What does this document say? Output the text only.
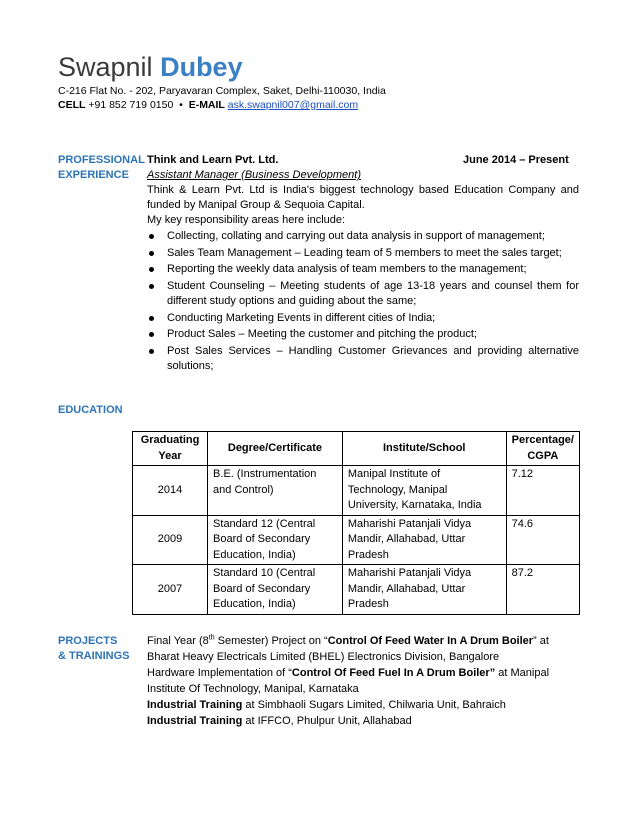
Swapnil Dubey
C-216 Flat No. - 202, Paryavaran Complex, Saket, Delhi-110030, India
CELL +91 852 719 0150 • E-MAIL ask.swapnil007@gmail.com
PROFESSIONAL
EXPERIENCE
Think and Learn Pvt. Ltd.	June 2014 – Present
Assistant Manager (Business Development)
Think & Learn Pvt. Ltd is India's biggest technology based Education Company and
funded by Manipal Group & Sequoia Capital.
My key responsibility areas here include:
Collecting, collating and carrying out data analysis in support of management;
Sales Team Management – Leading team of 5 members to meet the sales target;
Reporting the weekly data analysis of team members to the management;
Student Counseling – Meeting students of age 13-18 years and counsel them for different study options and guiding about the same;
Conducting Marketing Events in different cities of India;
Product Sales – Meeting the customer and pitching the product;
Post Sales Services – Handling Customer Grievances and providing alternative solutions;
EDUCATION
Graduating Year	Degree/Certificate	Institute/School	Percentage/ CGPA
2014	B.E. (Instrumentation and Control)	Manipal Institute of Technology, Manipal University, Karnataka, India	7.12
2009	Standard 12 (Central Board of Secondary Education, India)	Maharishi Patanjali Vidya Mandir, Allahabad, Uttar Pradesh	74.6
2007	Standard 10 (Central Board of Secondary Education, India)	Maharishi Patanjali Vidya Mandir, Allahabad, Uttar Pradesh	87.2
PROJECTS
& TRAININGS
Final Year (8th Semester) Project on “Control Of Feed Water In A Drum Boiler” at
Bharat Heavy Electricals Limited (BHEL) Electronics Division, Bangalore
Hardware Implementation of “Control Of Feed Fuel In A Drum Boiler” at Manipal
Institute Of Technology, Manipal, Karnataka
Industrial Training at Simbhaoli Sugars Limited, Chilwaria Unit, Bahraich
Industrial Training at IFFCO, Phulpur Unit, Allahabad
